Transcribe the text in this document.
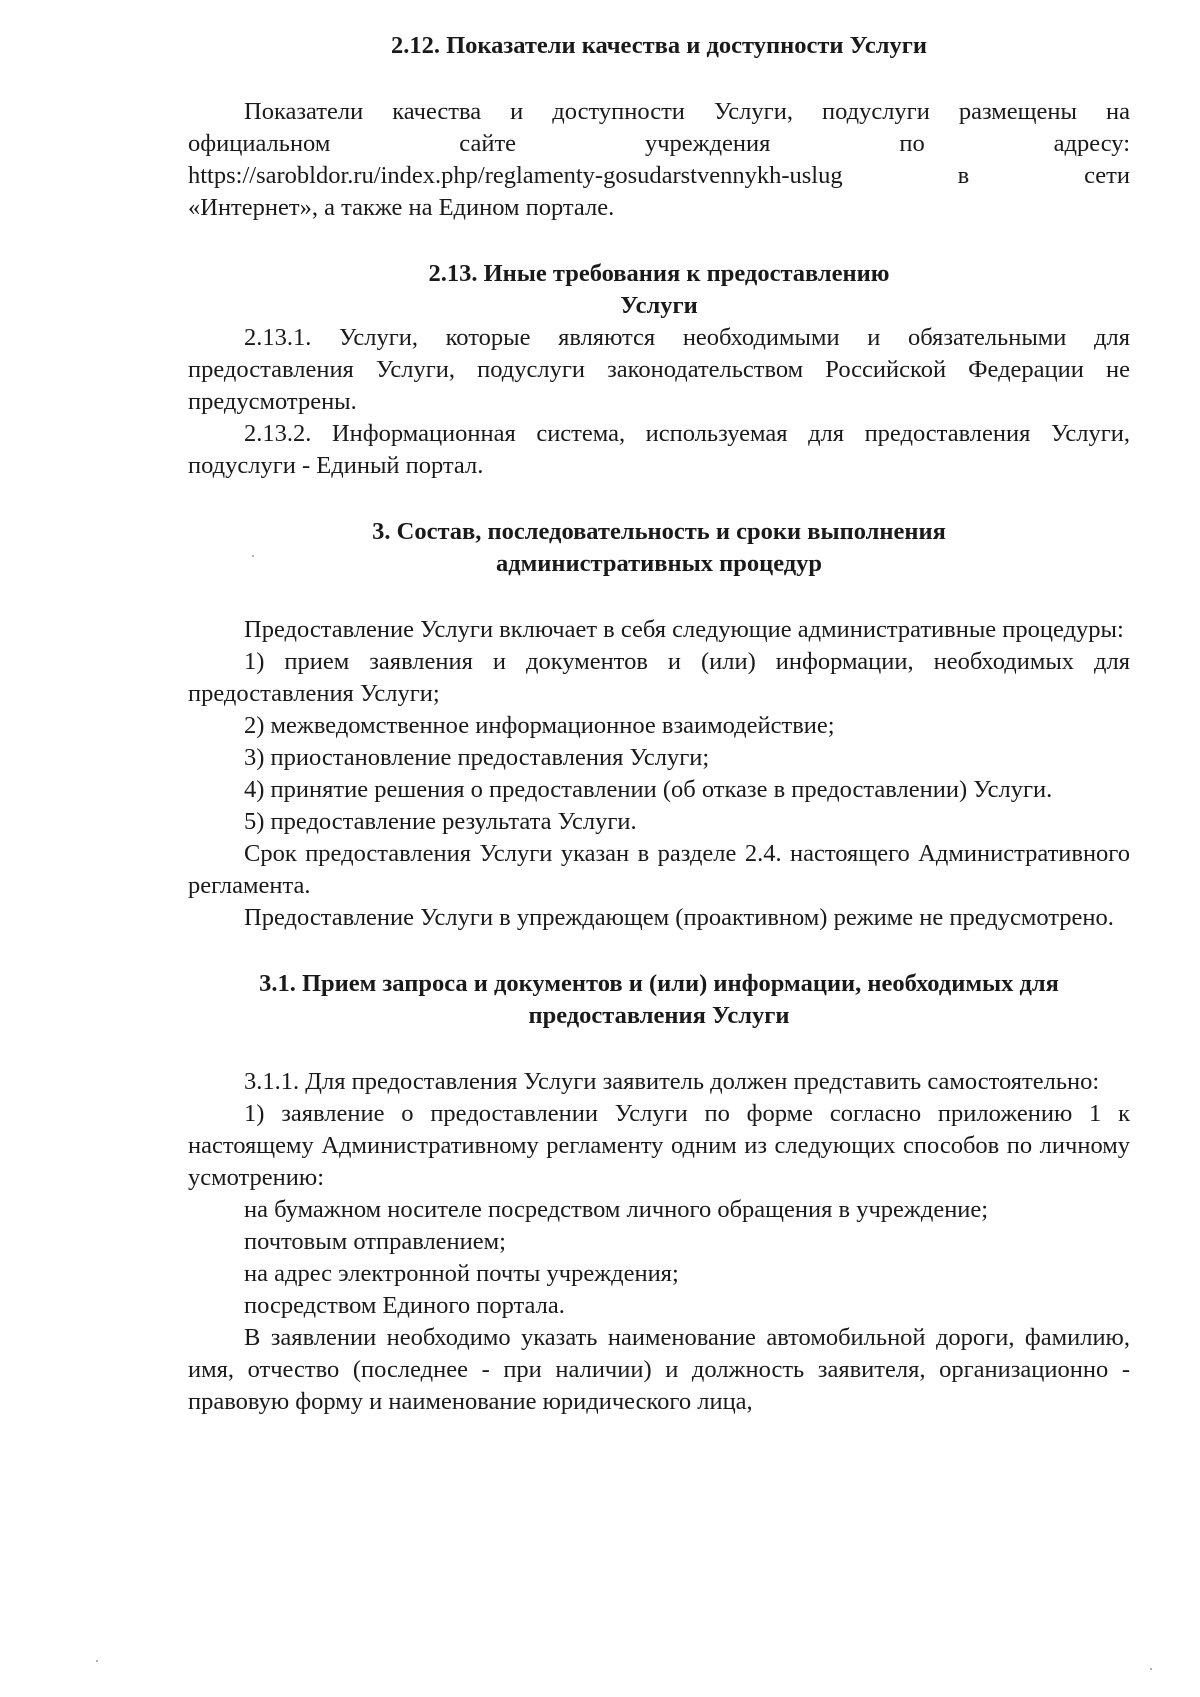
2.12. Показатели качества и доступности Услуги

Показатели качества и доступности Услуги, подуслуги размещены на

официальном	сайте	учреждения	по	адресу:

https://sarobldor.ru/index.php/reglamenty-gosudarstvennykh-uslug	в	сети

«Интернет», а также на Едином портале.

2.13. Иные требования к предоставлению

Услуги

2.13.1. Услуги, которые являются необходимыми и обязательными для предоставления Услуги, подуслуги законодательством Российской Федерации не предусмотрены.

2.13.2. Информационная система, используемая для предоставления Услуги, подуслуги - Единый портал.

3. Состав, последовательность и сроки выполнения

административных процедур

Предоставление Услуги включает в себя следующие административные процедуры:

1) прием заявления и документов и (или) информации, необходимых для предоставления Услуги;

2) межведомственное информационное взаимодействие;

3) приостановление предоставления Услуги;

4) принятие решения о предоставлении (об отказе в предоставлении) Услуги.

5) предоставление результата Услуги.

Срок предоставления Услуги указан в разделе 2.4. настоящего Административного регламента.

Предоставление Услуги в упреждающем (проактивном) режиме не предусмотрено.

3.1. Прием запроса и документов и (или) информации, необходимых для

предоставления Услуги

3.1.1. Для предоставления Услуги заявитель должен представить самостоятельно:

1) заявление о предоставлении Услуги по форме согласно приложению 1 к настоящему Административному регламенту одним из следующих способов по личному усмотрению:

на бумажном носителе посредством личного обращения в учреждение;

почтовым отправлением;

на адрес электронной почты учреждения;

посредством Единого портала.

В заявлении необходимо указать наименование автомобильной дороги, фамилию, имя, отчество (последнее - при наличии) и должность заявителя, организационно - правовую форму и наименование юридического лица,
